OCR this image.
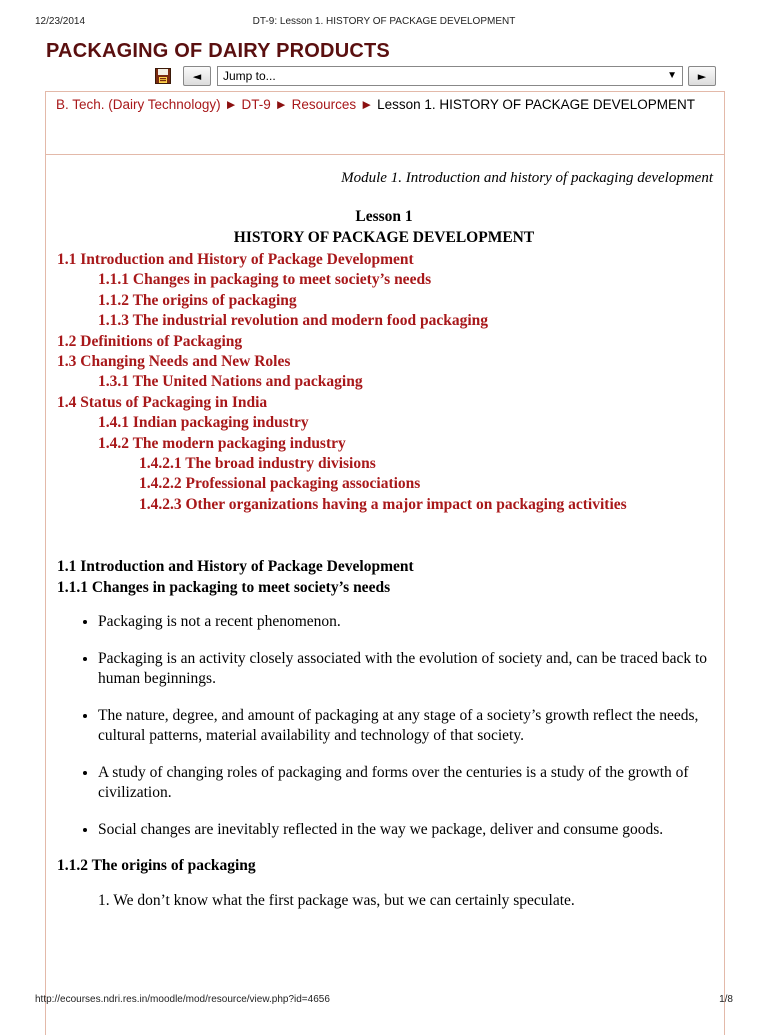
12/23/2014	DT-9: Lesson 1. HISTORY OF PACKAGE DEVELOPMENT
PACKAGING OF DAIRY PRODUCTS
◄	Jump to...	▼	►
B. Tech. (Dairy Technology) ► DT-9 ► Resources ► Lesson 1. HISTORY OF PACKAGE DEVELOPMENT
Module 1. Introduction and history of packaging development
Lesson 1
HISTORY OF PACKAGE DEVELOPMENT
1.1 Introduction and History of Package Development
1.1.1 Changes in packaging to meet society’s needs
1.1.2 The origins of packaging
1.1.3 The industrial revolution and modern food packaging
1.2 Definitions of Packaging
1.3 Changing Needs and New Roles
1.3.1 The United Nations and packaging
1.4 Status of Packaging in India
1.4.1 Indian packaging industry
1.4.2 The modern packaging industry
1.4.2.1 The broad industry divisions
1.4.2.2 Professional packaging associations
1.4.2.3 Other organizations having a major impact on packaging activities
1.1 Introduction and History of Package Development
1.1.1 Changes in packaging to meet society’s needs
• Packaging is not a recent phenomenon.
• Packaging is an activity closely associated with the evolution of society and, can be traced back to human beginnings.
• The nature, degree, and amount of packaging at any stage of a society’s growth reflect the needs, cultural patterns, material availability and technology of that society.
• A study of changing roles of packaging and forms over the centuries is a study of the growth of civilization.
• Social changes are inevitably reflected in the way we package, deliver and consume goods.
1.1.2 The origins of packaging
1. We don’t know what the first package was, but we can certainly speculate.
http://ecourses.ndri.res.in/moodle/mod/resource/view.php?id=4656	1/8
